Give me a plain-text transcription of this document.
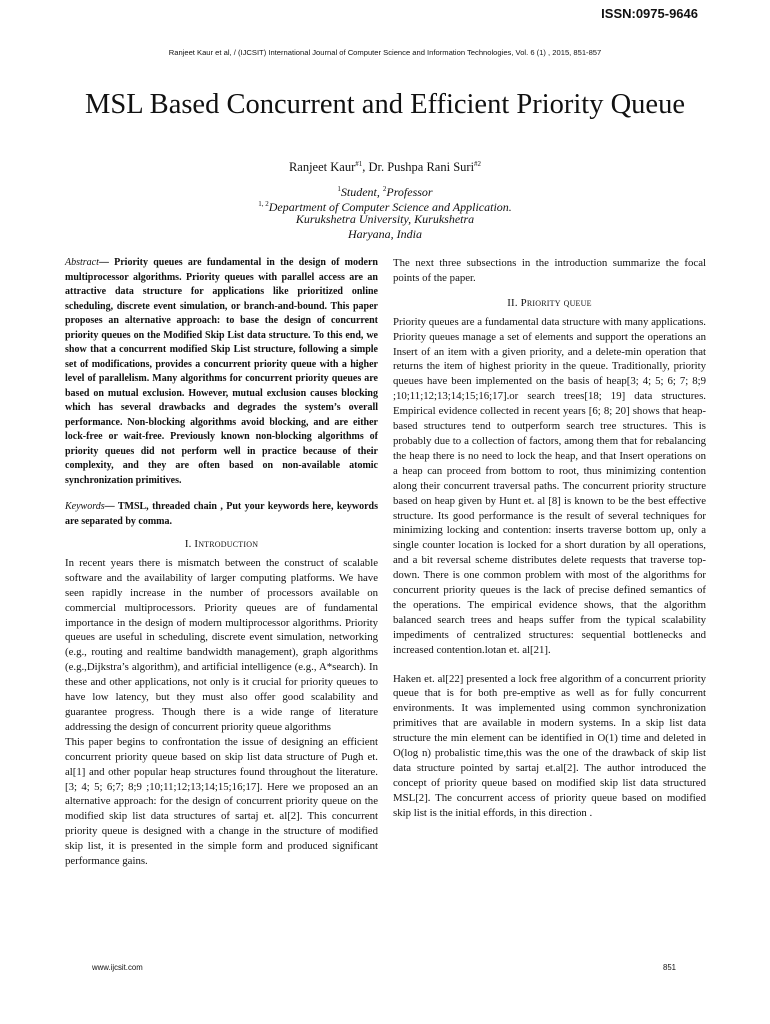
ISSN:0975-9646
Ranjeet Kaur et al, / (IJCSIT) International Journal of Computer Science and Information Technologies, Vol. 6 (1) , 2015, 851-857
MSL Based Concurrent and Efficient Priority Queue
Ranjeet Kaur$^{\#1}$, Dr. Pushpa Rani Suri$^{\#2}$
$^1$Student, $^2$Professor
$^{1, 2}$Department of Computer Science and Application.
Kurukshetra University, Kurukshetra
Haryana, India

Abstract— Priority queues are fundamental in the design of modern multiprocessor algorithms. Priority queues with parallel access are an attractive data structure for applications like prioritized online scheduling, discrete event simulation, or branch-and-bound. This paper proposes an alternative approach: to base the design of concurrent priority queues on the Modified Skip List data structure. To this end, we show that a concurrent modified Skip List structure, following a simple set of modifications, provides a concurrent priority queue with a higher level of parallelism. Many algorithms for concurrent priority queues are based on mutual exclusion. However, mutual exclusion causes blocking which has several drawbacks and degrades the system’s overall performance. Non-blocking algorithms avoid blocking, and are either lock-free or wait-free. Previously known non-blocking algorithms of priority queues did not perform well in practice because of their complexity, and they are often based on non-available atomic synchronization primitives.

Keywords— TMSL, threaded chain , Put your keywords here, keywords are separated by comma.

I. Introduction

In recent years there is mismatch between the construct of scalable software and the availability of larger computing platforms. We have seen rapidly increase in the number of processors available on commercial multiprocessors. Priority queues are of fundamental importance in the design of modern multiprocessor algorithms. Priority queues are useful in scheduling, discrete event simulation, networking (e.g., routing and realtime bandwidth management), graph algorithms (e.g.,Dijkstra’s algorithm), and artificial intelligence (e.g., A*search). In these and other applications, not only is it crucial for priority queues to have low latency, but they must also offer good scalability and guarantee progress. Though there is a wide range of literature addressing the design of concurrent priority queue algorithms

This paper begins to confrontation the issue of designing an efficient concurrent priority queue based on skip list data structure of Pugh et. al[1] and other popular heap structures found throughout the literature. [3; 4; 5; 6;7; 8;9 ;10;11;12;13;14;15;16;17]. Here we proposed an an alternative approach: for the design of concurrent priority queue on the modified skip list data structures of sartaj et. al[2]. This concurrent priority queue is designed with a change in the structure of modified skip list, it is presented in the simple form and produced significant performance gains.

The next three subsections in the introduction summarize the focal points of the paper.

II. Priority queue

Priority queues are a fundamental data structure with many applications. Priority queues manage a set of elements and support the operations an Insert of an item with a given priority, and a delete-min operation that returns the item of highest priority in the queue. Traditionally, priority queues have been implemented on the basis of heap[3; 4; 5; 6; 7; 8;9 ;10;11;12;13;14;15;16;17].or search trees[18; 19] data structures. Empirical evidence collected in recent years [6; 8; 20] shows that heap-based structures tend to outperform search tree structures. This is probably due to a collection of factors, among them that for rebalancing the heap there is no need to lock the heap, and that Insert operations on a heap can proceed from bottom to root, thus minimizing contention along their concurrent traversal paths. The concurrent priority structure based on heap given by Hunt et. al [8] is known to be the best effective structure. Its good performance is the result of several techniques for minimizing locking and contention: inserts traverse bottom up, only a single counter location is locked for a short duration by all operations, and a bit reversal scheme distributes delete requests that traverse top-down. There is one common problem with most of the algorithms for concurrent priority queues is the lack of precise defined semantics of the operations. The empirical evidence shows, that the algorithm balanced search trees and heaps suffer from the typical scalability impediments of centralized structures: sequential bottlenecks and increased contention.lotan et. al[21].

Haken et. al[22] presented a lock free algorithm of a concurrent priority queue that is for both pre-emptive as well as for fully concurrent environments. It was implemented using common synchronization primitives that are available in modern systems. In a skip list data structure the min element can be identified in O(1) time and deleted in O(log n) probalistic time,this was the one of the drawback of skip list data structure pointed by sartaj et.al[2]. The author introduced the concept of priority queue based on modified skip list data structured MSL[2]. The concurrent access of priority queue based on modified skip list is the initial effords, in this direction .

www.ijcsit.com	851
